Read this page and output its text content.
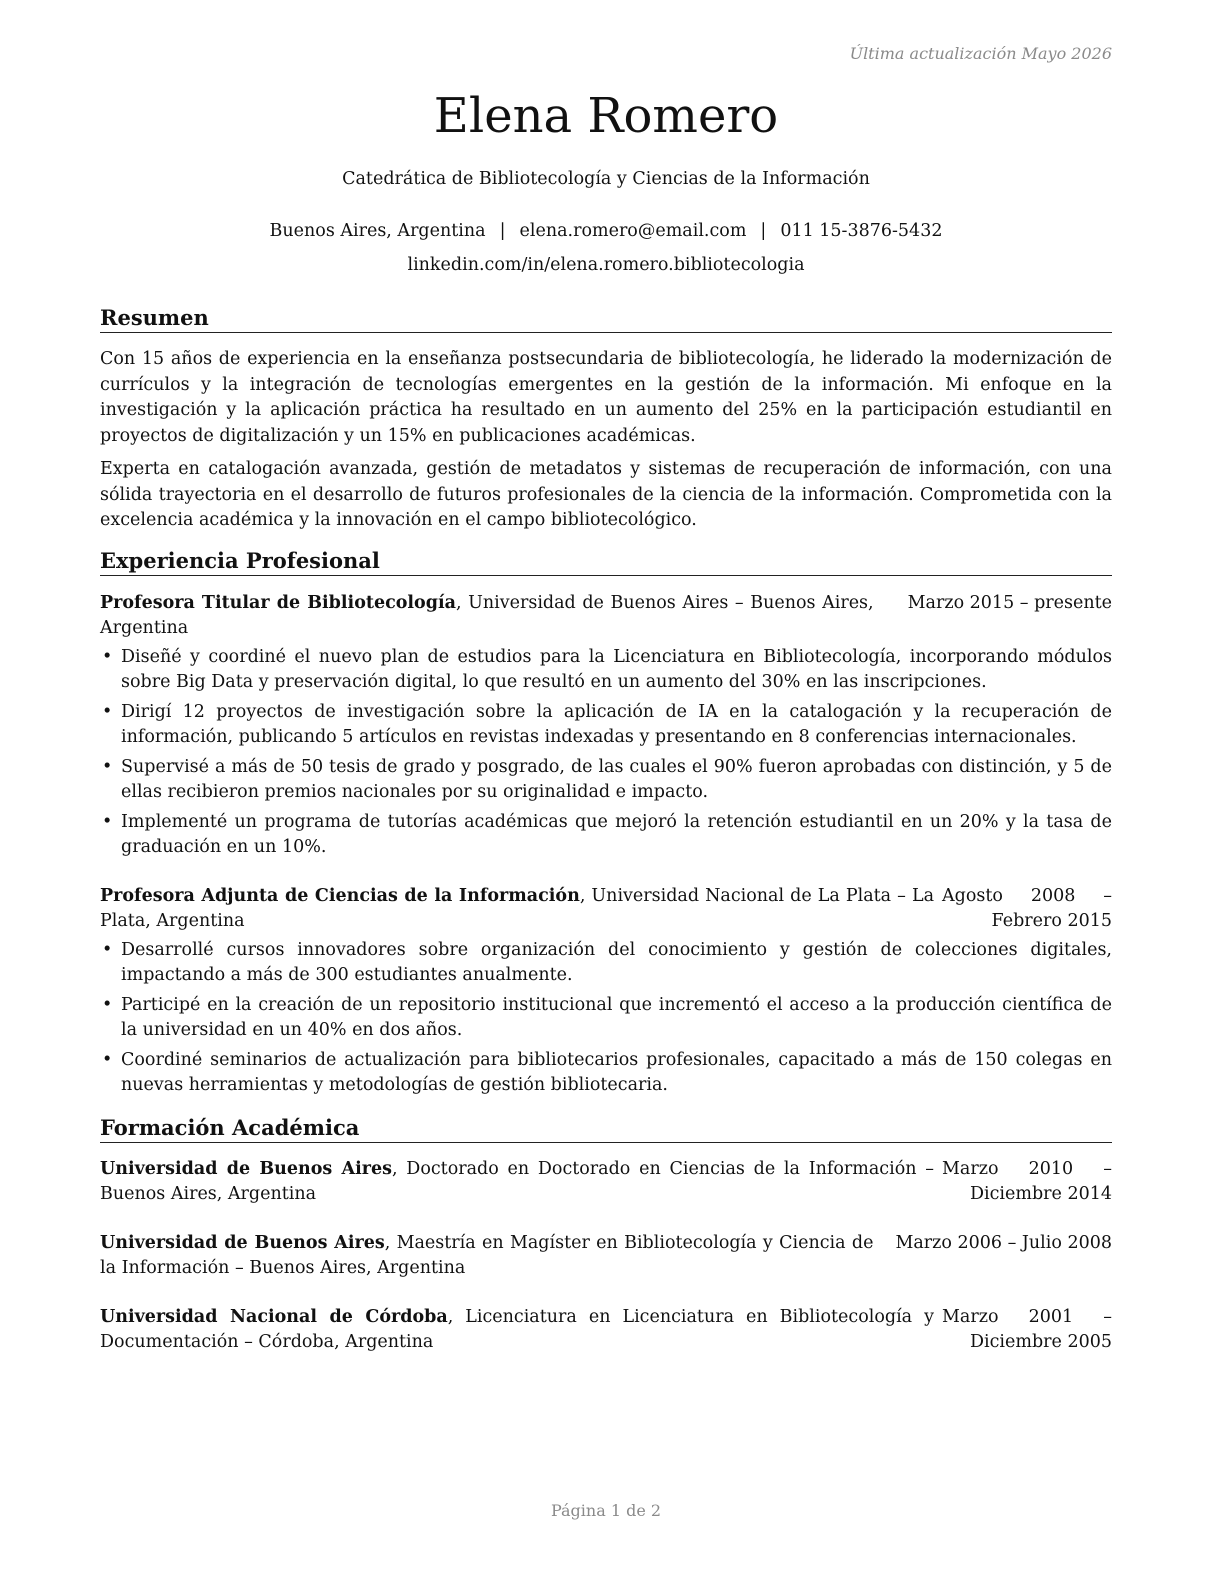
Última actualización Mayo 2026
Elena Romero
Catedrática de Bibliotecología y Ciencias de la Información
Buenos Aires, Argentina | elena.romero@email.com | 011 15-3876-5432
linkedin.com/in/elena.romero.bibliotecologia
Resumen

Con 15 años de experiencia en la enseñanza postsecundaria de bibliotecología, he liderado la modernización de currículos y la integración de tecnologías emergentes en la gestión de la información. Mi enfoque en la investigación y la aplicación práctica ha resultado en un aumento del 25% en la participación estudiantil en proyectos de digitalización y un 15% en publicaciones académicas.

Experta en catalogación avanzada, gestión de metadatos y sistemas de recuperación de información, con una sólida trayectoria en el desarrollo de futuros profesionales de la ciencia de la información. Comprometida con la excelencia académica y la innovación en el campo bibliotecológico.

Experiencia Profesional
Profesora Titular de Bibliotecología, Universidad de Buenos Aires – Buenos Aires, Argentina
Marzo 2015 – presente
• Diseñé y coordiné el nuevo plan de estudios para la Licenciatura en Bibliotecología, incorporando módulos sobre Big Data y preservación digital, lo que resultó en un aumento del 30% en las inscripciones.
• Dirigí 12 proyectos de investigación sobre la aplicación de IA en la catalogación y la recuperación de información, publicando 5 artículos en revistas indexadas y presentando en 8 conferencias internacionales.
• Supervisé a más de 50 tesis de grado y posgrado, de las cuales el 90% fueron aprobadas con distinción, y 5 de ellas recibieron premios nacionales por su originalidad e impacto.
• Implementé un programa de tutorías académicas que mejoró la retención estudiantil en un 20% y la tasa de graduación en un 10%.
Profesora Adjunta de Ciencias de la Información, Universidad Nacional de La Plata – La Plata, Argentina
Agosto 2008 – Febrero 2015
• Desarrollé cursos innovadores sobre organización del conocimiento y gestión de colecciones digitales, impactando a más de 300 estudiantes anualmente.
• Participé en la creación de un repositorio institucional que incrementó el acceso a la producción científica de la universidad en un 40% en dos años.
• Coordiné seminarios de actualización para bibliotecarios profesionales, capacitado a más de 150 colegas en nuevas herramientas y metodologías de gestión bibliotecaria.
Formación Académica
Universidad de Buenos Aires, Doctorado en Doctorado en Ciencias de la Información – Buenos Aires, Argentina
Marzo 2010 – Diciembre 2014
Universidad de Buenos Aires, Maestría en Magíster en Bibliotecología y Ciencia de la Información – Buenos Aires, Argentina
Marzo 2006 – Julio 2008
Universidad Nacional de Córdoba, Licenciatura en Licenciatura en Bibliotecología y Documentación – Córdoba, Argentina
Marzo 2001 – Diciembre 2005
Página 1 de 2
